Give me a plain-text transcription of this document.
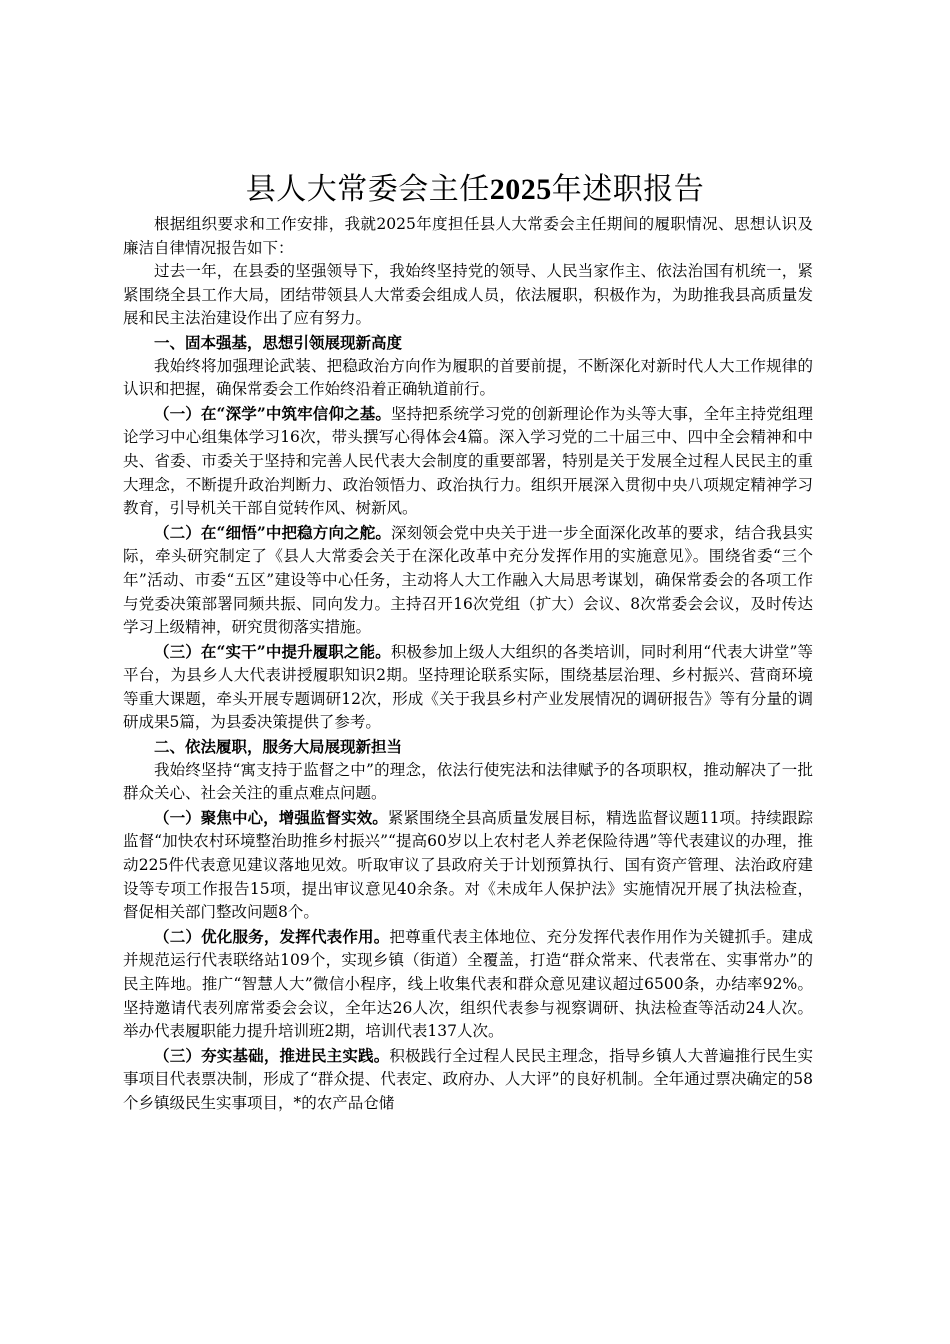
县人大常委会主任2025年述职报告

根据组织要求和工作安排，我就2025年度担任县人大常委会主任期间的履职情况、思想认识及廉洁自律情况报告如下：

过去一年，在县委的坚强领导下，我始终坚持党的领导、人民当家作主、依法治国有机统一，紧紧围绕全县工作大局，团结带领县人大常委会组成人员，依法履职，积极作为，为助推我县高质量发展和民主法治建设作出了应有努力。

一、固本强基，思想引领展现新高度

我始终将加强理论武装、把稳政治方向作为履职的首要前提，不断深化对新时代人大工作规律的认识和把握，确保常委会工作始终沿着正确轨道前行。

（一）在“深学”中筑牢信仰之基。坚持把系统学习党的创新理论作为头等大事，全年主持党组理论学习中心组集体学习16次，带头撰写心得体会4篇。深入学习党的二十届三中、四中全会精神和中央、省委、市委关于坚持和完善人民代表大会制度的重要部署，特别是关于发展全过程人民民主的重大理念，不断提升政治判断力、政治领悟力、政治执行力。组织开展深入贯彻中央八项规定精神学习教育，引导机关干部自觉转作风、树新风。

（二）在“细悟”中把稳方向之舵。深刻领会党中央关于进一步全面深化改革的要求，结合我县实际，牵头研究制定了《县人大常委会关于在深化改革中充分发挥作用的实施意见》。围绕省委“三个年”活动、市委“五区”建设等中心任务，主动将人大工作融入大局思考谋划，确保常委会的各项工作与党委决策部署同频共振、同向发力。主持召开16次党组（扩大）会议、8次常委会会议，及时传达学习上级精神，研究贯彻落实措施。

（三）在“实干”中提升履职之能。积极参加上级人大组织的各类培训，同时利用“代表大讲堂”等平台，为县乡人大代表讲授履职知识2期。坚持理论联系实际，围绕基层治理、乡村振兴、营商环境等重大课题，牵头开展专题调研12次，形成《关于我县乡村产业发展情况的调研报告》等有分量的调研成果5篇，为县委决策提供了参考。

二、依法履职，服务大局展现新担当

我始终坚持“寓支持于监督之中”的理念，依法行使宪法和法律赋予的各项职权，推动解决了一批群众关心、社会关注的重点难点问题。

（一）聚焦中心，增强监督实效。紧紧围绕全县高质量发展目标，精选监督议题11项。持续跟踪监督“加快农村环境整治助推乡村振兴”“提高60岁以上农村老人养老保险待遇”等代表建议的办理，推动225件代表意见建议落地见效。听取审议了县政府关于计划预算执行、国有资产管理、法治政府建设等专项工作报告15项，提出审议意见40余条。对《未成年人保护法》实施情况开展了执法检查，督促相关部门整改问题8个。

（二）优化服务，发挥代表作用。把尊重代表主体地位、充分发挥代表作用作为关键抓手。建成并规范运行代表联络站109个，实现乡镇（街道）全覆盖，打造“群众常来、代表常在、实事常办”的民主阵地。推广“智慧人大”微信小程序，线上收集代表和群众意见建议超过6500条，办结率92%。坚持邀请代表列席常委会会议，全年达26人次，组织代表参与视察调研、执法检查等活动24人次。举办代表履职能力提升培训班2期，培训代表137人次。

（三）夯实基础，推进民主实践。积极践行全过程人民民主理念，指导乡镇人大普遍推行民生实事项目代表票决制，形成了“群众提、代表定、政府办、人大评”的良好机制。全年通过票决确定的58个乡镇级民生实事项目，*的农产品仓储
